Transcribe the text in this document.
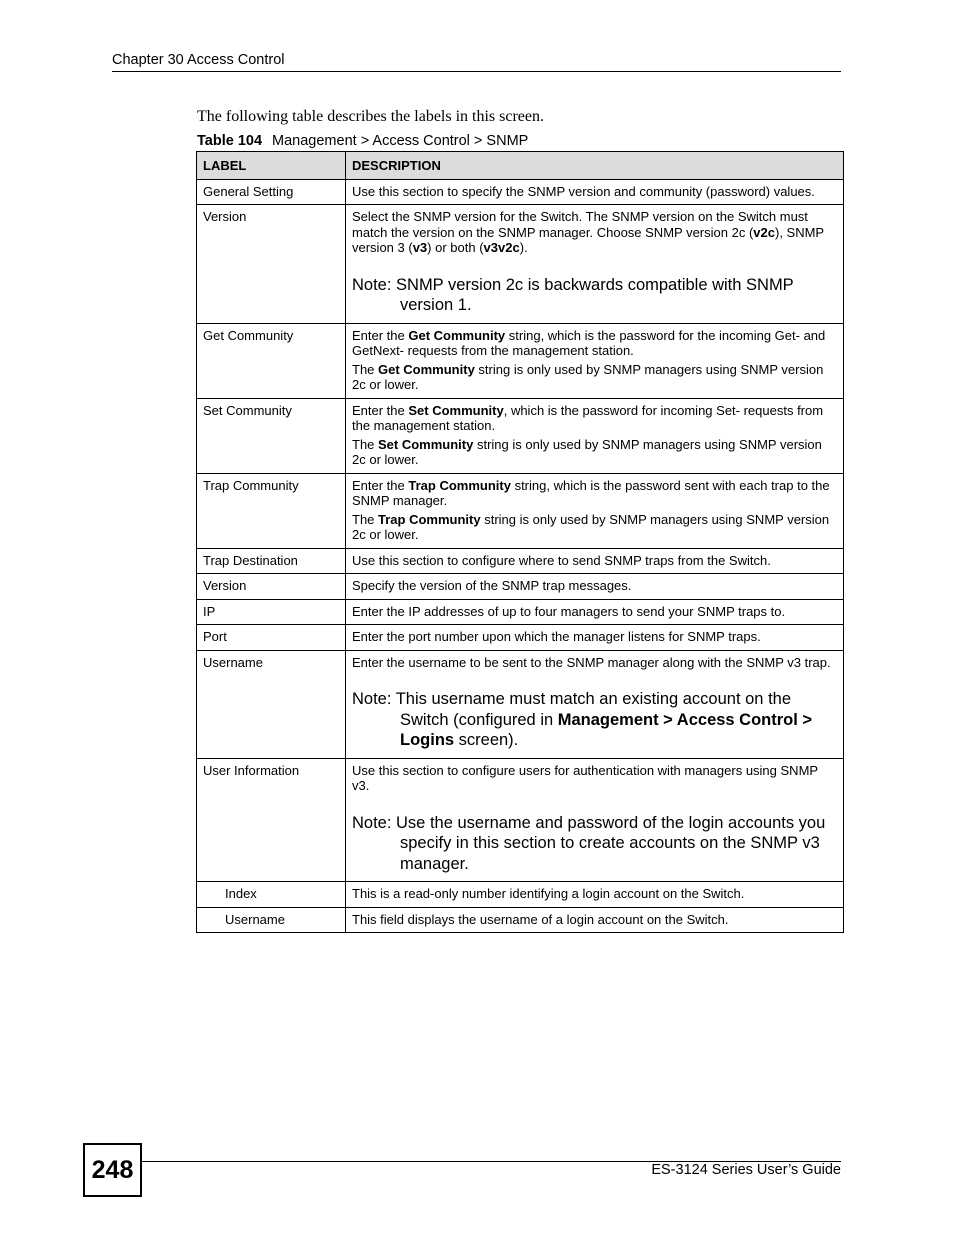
Chapter 30 Access Control
The following table describes the labels in this screen.
Table 104 Management > Access Control > SNMP
LABEL	DESCRIPTION
General Setting	Use this section to specify the SNMP version and community (password) values.

Version	Select the SNMP version for the Switch. The SNMP version on the Switch must match the version on the SNMP manager. Choose SNMP version 2c (v2c), SNMP version 3 (v3) or both (v3v2c).
Note: SNMP version 2c is backwards compatible with SNMP version 1.

Get Community	Enter the Get Community string, which is the password for the incoming Get- and GetNext- requests from the management station.
The Get Community string is only used by SNMP managers using SNMP version 2c or lower.

Set Community	Enter the Set Community, which is the password for incoming Set- requests from the management station.
The Set Community string is only used by SNMP managers using SNMP version 2c or lower.

Trap Community	Enter the Trap Community string, which is the password sent with each trap to the SNMP manager.
The Trap Community string is only used by SNMP managers using SNMP version 2c or lower.

Trap Destination	Use this section to configure where to send SNMP traps from the Switch.

Version	Specify the version of the SNMP trap messages.

IP	Enter the IP addresses of up to four managers to send your SNMP traps to.

Port	Enter the port number upon which the manager listens for SNMP traps.

Username	Enter the username to be sent to the SNMP manager along with the SNMP v3 trap.
Note: This username must match an existing account on the Switch (configured in Management > Access Control > Logins screen).

User Information	Use this section to configure users for authentication with managers using SNMP v3.
Note: Use the username and password of the login accounts you specify in this section to create accounts on the SNMP v3 manager.

Index	This is a read-only number identifying a login account on the Switch.

Username	This field displays the username of a login account on the Switch.
248	ES-3124 Series User’s Guide
